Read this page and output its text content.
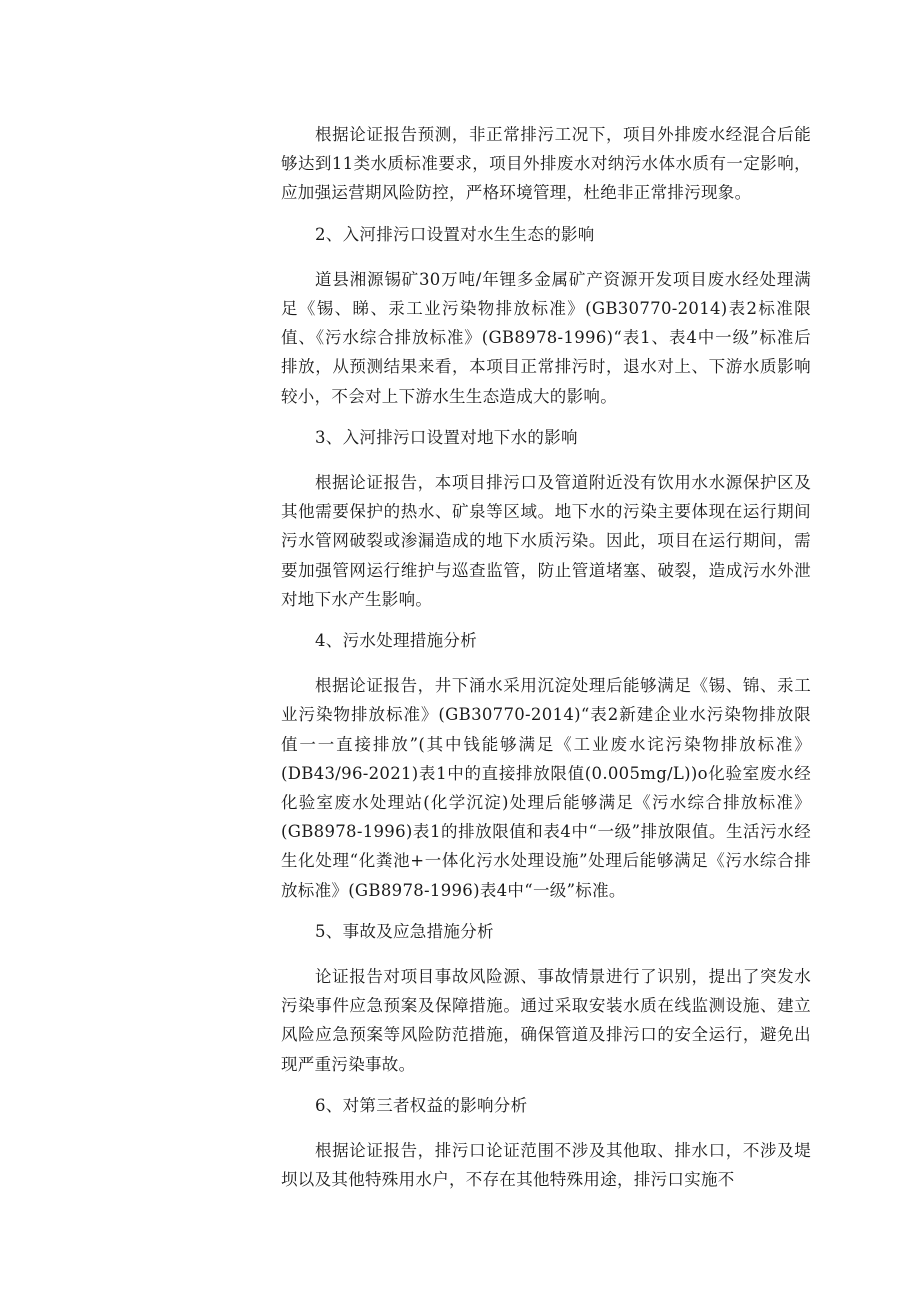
根据论证报告预测，非正常排污工况下，项目外排废水经混合后能够达到11类水质标准要求，项目外排废水对纳污水体水质有一定影响，应加强运营期风险防控，严格环境管理，杜绝非正常排污现象。

2、入河排污口设置对水生生态的影响

道县湘源锡矿30万吨/年锂多金属矿产资源开发项目废水经处理满足《锡、睇、汞工业污染物排放标准》(GB30770-2014)表2标准限值、《污水综合排放标准》(GB8978-1996)“表1、表4中一级”标准后排放，从预测结果来看，本项目正常排污时，退水对上、下游水质影响较小，不会对上下游水生生态造成大的影响。

3、入河排污口设置对地下水的影响

根据论证报告，本项目排污口及管道附近没有饮用水水源保护区及其他需要保护的热水、矿泉等区域。地下水的污染主要体现在运行期间污水管网破裂或渗漏造成的地下水质污染。因此，项目在运行期间，需要加强管网运行维护与巡查监管，防止管道堵塞、破裂，造成污水外泄对地下水产生影响。

4、污水处理措施分析

根据论证报告，井下涌水采用沉淀处理后能够满足《锡、锦、汞工业污染物排放标准》(GB30770-2014)“表2新建企业水污染物排放限值一一直接排放”(其中钱能够满足《工业废水诧污染物排放标准》(DB43/96-2021)表1中的直接排放限值(0.005mg∕L))o化验室废水经化验室废水处理站(化学沉淀)处理后能够满足《污水综合排放标准》(GB8978-1996)表1的排放限值和表4中“一级”排放限值。生活污水经生化处理“化粪池+一体化污水处理设施”处理后能够满足《污水综合排放标准》(GB8978-1996)表4中“一级”标准。

5、事故及应急措施分析

论证报告对项目事故风险源、事故情景进行了识别，提出了突发水污染事件应急预案及保障措施。通过采取安装水质在线监测设施、建立风险应急预案等风险防范措施，确保管道及排污口的安全运行，避免出现严重污染事故。

6、对第三者权益的影响分析

根据论证报告，排污口论证范围不涉及其他取、排水口，不涉及堤坝以及其他特殊用水户，不存在其他特殊用途，排污口实施不
